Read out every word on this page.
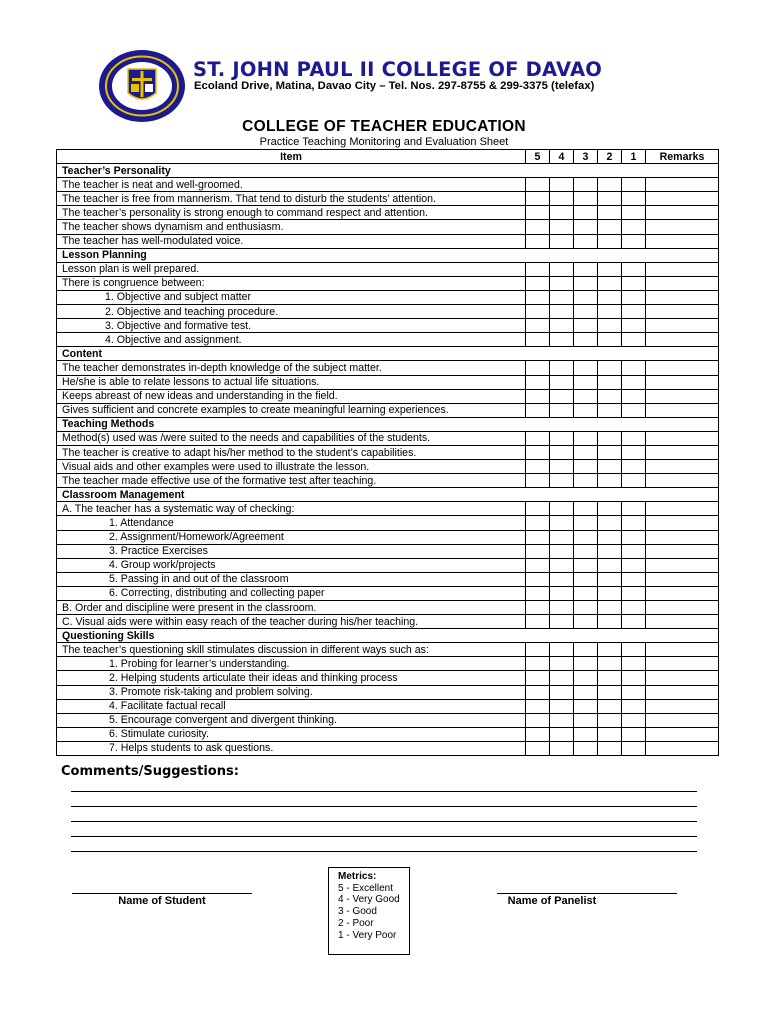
ST. JOHN PAUL II COLLEGE OF DAVAO
Ecoland Drive, Matina, Davao City – Tel. Nos. 297-8755 & 299-3375 (telefax)
COLLEGE OF TEACHER EDUCATION
Practice Teaching Monitoring and Evaluation Sheet
Item	5	4	3	2	1	Remarks
Teacher’s Personality						
The teacher is neat and well-groomed.						
The teacher is free from mannerism. That tend to disturb the students’ attention.						
The teacher’s personality is strong enough to command respect and attention.						
The teacher shows dynamism and enthusiasm.						
The teacher has well-modulated voice.						
Lesson Planning						
Lesson plan is well prepared.						
There is congruence between:						
1. Objective and subject matter						
2. Objective and teaching procedure.						
3. Objective and formative test.						
4. Objective and assignment.						
Content						
The teacher demonstrates in-depth knowledge of the subject matter.						
He/she is able to relate lessons to actual life situations.						
Keeps abreast of new ideas and understanding in the field.						
Gives sufficient and concrete examples to create meaningful learning experiences.						
Teaching Methods						
Method(s) used was /were suited to the needs and capabilities of the students.						
The teacher is creative to adapt his/her method to the student’s capabilities.						
Visual aids and other examples were used to illustrate the lesson.						
The teacher made effective use of the formative test after teaching.						
Classroom Management						
A. The teacher has a systematic way of checking:						
1. Attendance						
2. Assignment/Homework/Agreement						
3. Practice Exercises						
4. Group work/projects						
5. Passing in and out of the classroom						
6. Correcting, distributing and collecting paper						
B. Order and discipline were present in the classroom.						
C. Visual aids were within easy reach of the teacher during his/her teaching.						
Questioning Skills						
The teacher’s questioning skill stimulates discussion in different ways such as:						
1. Probing for learner’s understanding.						
2. Helping students articulate their ideas and thinking process						
3. Promote risk-taking and problem solving.						
4. Facilitate factual recall						
5. Encourage convergent and divergent thinking.						
6. Stimulate curiosity.						
7. Helps students to ask questions.						
Comments/Suggestions:
Name of Student	Name of Panelist
Metrics:
5 - Excellent
4 - Very Good
3 - Good
2 - Poor
1 - Very Poor
